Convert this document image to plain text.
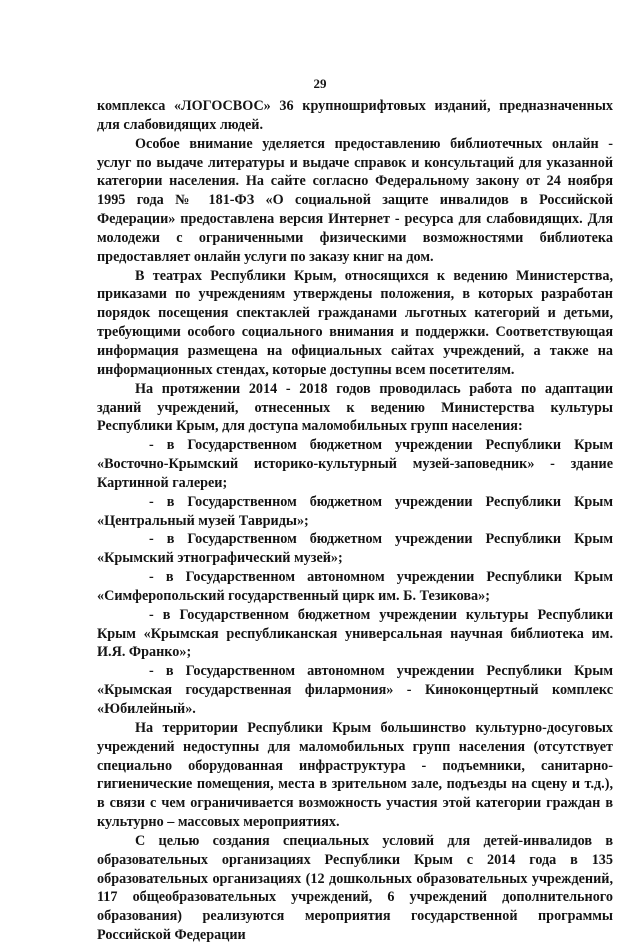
29

комплекса «ЛОГОСВОС» 36 крупношрифтовых изданий, предназначенных для слабовидящих людей.

Особое внимание уделяется предоставлению библиотечных онлайн - услуг по выдаче литературы и выдаче справок и консультаций для указанной категории населения. На сайте согласно Федеральному закону от 24 ноября 1995 года № 181-ФЗ «О социальной защите инвалидов в Российской Федерации» предоставлена версия Интернет - ресурса для слабовидящих. Для молодежи с ограниченными физическими возможностями библиотека предоставляет онлайн услуги по заказу книг на дом.

В театрах Республики Крым, относящихся к ведению Министерства, приказами по учреждениям утверждены положения, в которых разработан порядок посещения спектаклей гражданами льготных категорий и детьми, требующими особого социального внимания и поддержки. Соответствующая информация размещена на официальных сайтах учреждений, а также на информационных стендах, которые доступны всем посетителям.

На протяжении 2014 - 2018 годов проводилась работа по адаптации зданий учреждений, отнесенных к ведению Министерства культуры Республики Крым, для доступа маломобильных групп населения:

- в Государственном бюджетном учреждении Республики Крым «Восточно-Крымский историко-культурный музей-заповедник» - здание Картинной галереи;

- в Государственном бюджетном учреждении Республики Крым «Центральный музей Тавриды»;

- в Государственном бюджетном учреждении Республики Крым «Крымский этнографический музей»;

- в Государственном автономном учреждении Республики Крым «Симферопольский государственный цирк им. Б. Тезикова»;

- в Государственном бюджетном учреждении культуры Республики Крым «Крымская республиканская универсальная научная библиотека им. И.Я. Франко»;

- в Государственном автономном учреждении Республики Крым «Крымская государственная филармония» - Киноконцертный комплекс «Юбилейный».

На территории Республики Крым большинство культурно-досуговых учреждений недоступны для маломобильных групп населения (отсутствует специально оборудованная инфраструктура - подъемники, санитарно-гигиенические помещения, места в зрительном зале, подъезды на сцену и т.д.), в связи с чем ограничивается возможность участия этой категории граждан в культурно – массовых мероприятиях.

С целью создания специальных условий для детей-инвалидов в образовательных организациях Республики Крым с 2014 года в 135 образовательных организациях (12 дошкольных образовательных учреждений, 117 общеобразовательных учреждений, 6 учреждений дополнительного образования) реализуются мероприятия государственной программы Российской Федерации
